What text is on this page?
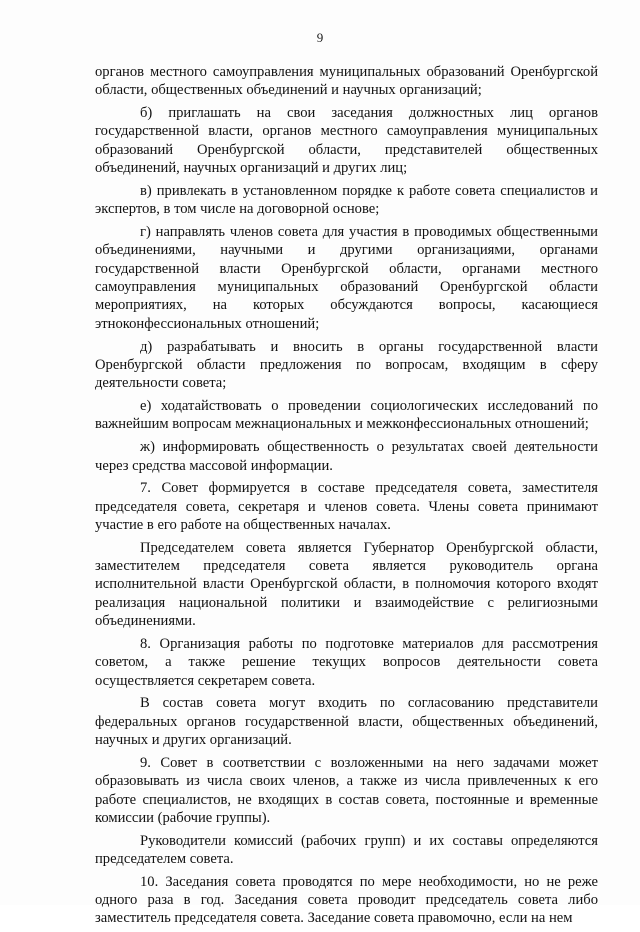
9

органов местного самоуправления муниципальных образований Оренбургской области, общественных объединений и научных организаций;

б) приглашать на свои заседания должностных лиц органов государственной власти, органов местного самоуправления муниципальных образований Оренбургской области, представителей общественных объединений, научных организаций и других лиц;

в) привлекать в установленном порядке к работе совета специалистов и экспертов, в том числе на договорной основе;

г) направлять членов совета для участия в проводимых общественными объединениями, научными и другими организациями, органами государственной власти Оренбургской области, органами местного самоуправления муниципальных образований Оренбургской области мероприятиях, на которых обсуждаются вопросы, касающиеся этноконфессиональных отношений;

д) разрабатывать и вносить в органы государственной власти Оренбургской области предложения по вопросам, входящим в сферу деятельности совета;

е) ходатайствовать о проведении социологических исследований по важнейшим вопросам межнациональных и межконфессиональных отношений;

ж) информировать общественность о результатах своей деятельности через средства массовой информации.

7. Совет формируется в составе председателя совета, заместителя председателя совета, секретаря и членов совета. Члены совета принимают участие в его работе на общественных началах.

Председателем совета является Губернатор Оренбургской области, заместителем председателя совета является руководитель органа исполнительной власти Оренбургской области, в полномочия которого входят реализация национальной политики и взаимодействие с религиозными объединениями.

8. Организация работы по подготовке материалов для рассмотрения советом, а также решение текущих вопросов деятельности совета осуществляется секретарем совета.

В состав совета могут входить по согласованию представители федеральных органов государственной власти, общественных объединений, научных и других организаций.

9. Совет в соответствии с возложенными на него задачами может образовывать из числа своих членов, а также из числа привлеченных к его работе специалистов, не входящих в состав совета, постоянные и временные комиссии (рабочие группы).

Руководители комиссий (рабочих групп) и их составы определяются председателем совета.

10. Заседания совета проводятся по мере необходимости, но не реже одного раза в год. Заседания совета проводит председатель совета либо заместитель председателя совета. Заседание совета правомочно, если на нем
